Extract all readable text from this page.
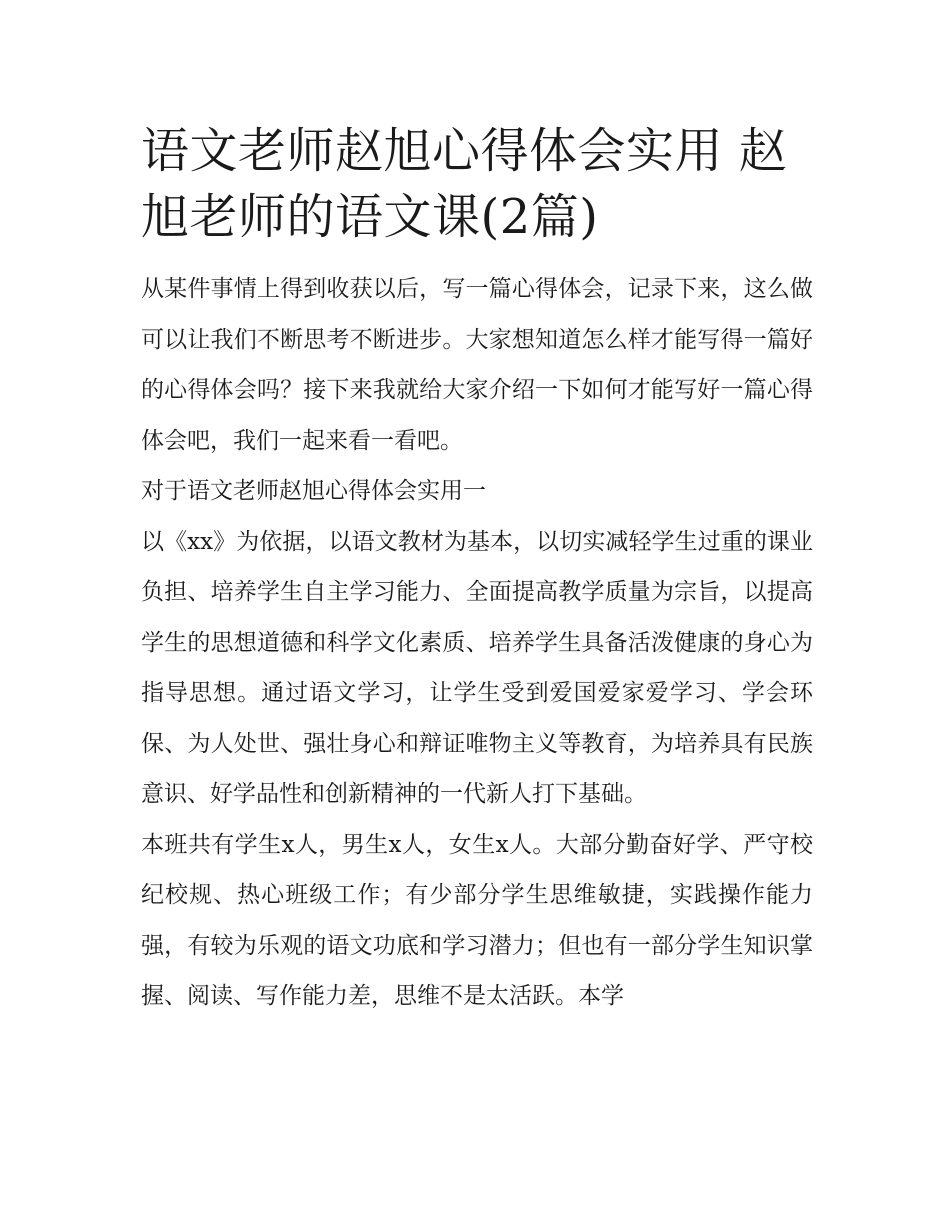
语文老师赵旭心得体会实用 赵旭老师的语文课(2篇)

从某件事情上得到收获以后，写一篇心得体会，记录下来，这么做可以让我们不断思考不断进步。大家想知道怎么样才能写得一篇好的心得体会吗？接下来我就给大家介绍一下如何才能写好一篇心得体会吧，我们一起来看一看吧。

对于语文老师赵旭心得体会实用一

以《xx》为依据，以语文教材为基本，以切实减轻学生过重的课业负担、培养学生自主学习能力、全面提高教学质量为宗旨，以提高学生的思想道德和科学文化素质、培养学生具备活泼健康的身心为指导思想。通过语文学习，让学生受到爱国爱家爱学习、学会环保、为人处世、强壮身心和辩证唯物主义等教育，为培养具有民族意识、好学品性和创新精神的一代新人打下基础。

本班共有学生x人，男生x人，女生x人。大部分勤奋好学、严守校纪校规、热心班级工作；有少部分学生思维敏捷，实践操作能力强，有较为乐观的语文功底和学习潜力；但也有一部分学生知识掌握、阅读、写作能力差，思维不是太活跃。本学
